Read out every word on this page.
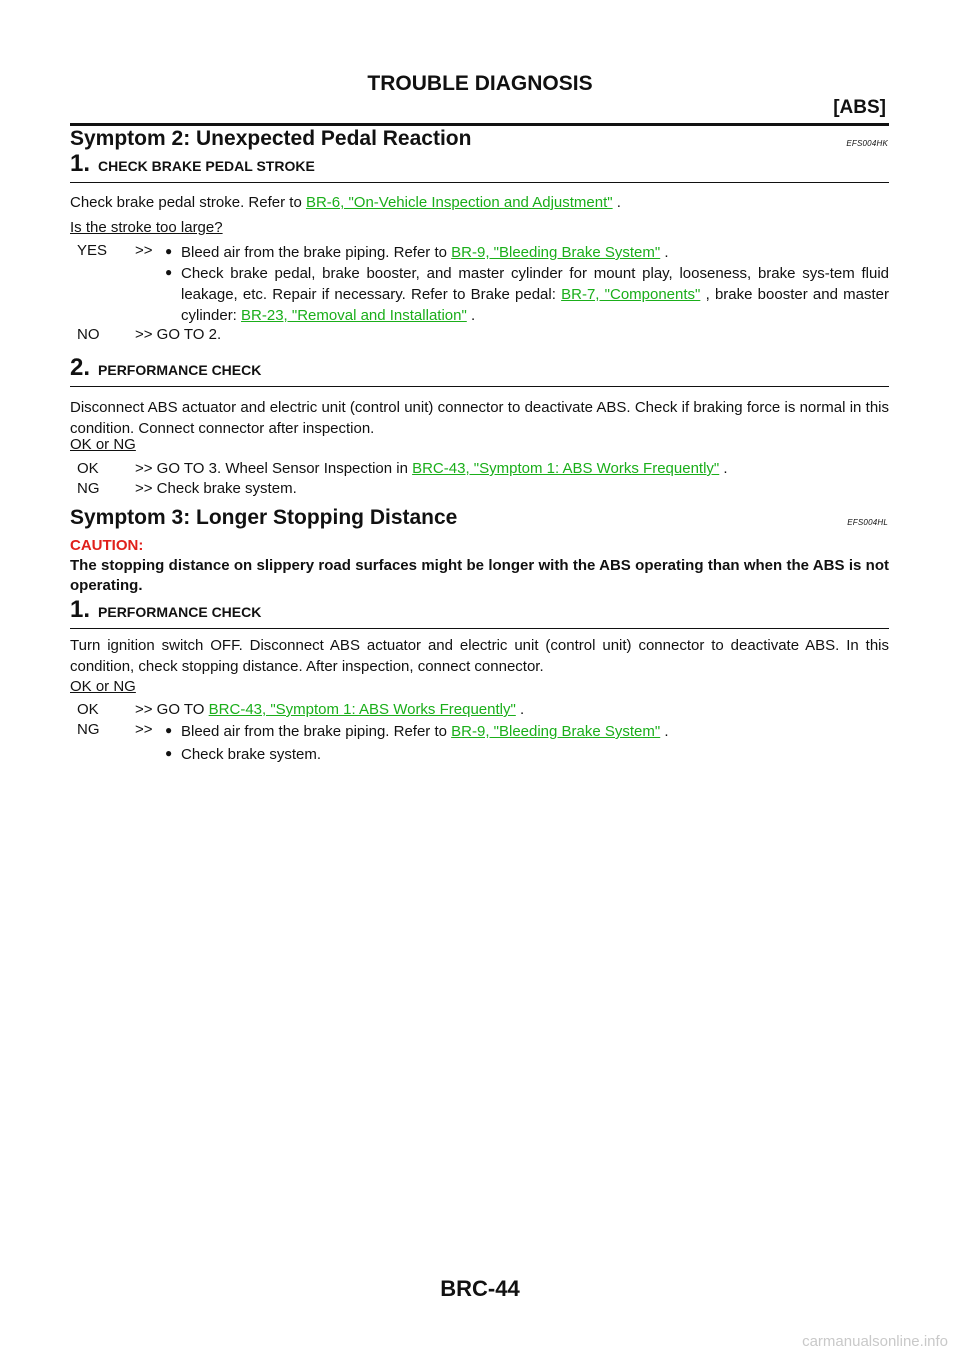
TROUBLE DIAGNOSIS
[ABS]
Symptom 2: Unexpected Pedal Reaction	EFS004HK
1. CHECK BRAKE PEDAL STROKE
Check brake pedal stroke. Refer to BR-6, "On-Vehicle Inspection and Adjustment" .
Is the stroke too large?
YES >> ● Bleed air from the brake piping. Refer to BR-9, "Bleeding Brake System" .
● Check brake pedal, brake booster, and master cylinder for mount play, looseness, brake sys-tem fluid leakage, etc. Repair if necessary. Refer to Brake pedal: BR-7, "Components" , brake booster and master cylinder: BR-23, "Removal and Installation" .
NO >> GO TO 2.
2. PERFORMANCE CHECK
Disconnect ABS actuator and electric unit (control unit) connector to deactivate ABS. Check if braking force is normal in this condition. Connect connector after inspection.
OK or NG
OK >> GO TO 3. Wheel Sensor Inspection in BRC-43, "Symptom 1: ABS Works Frequently" .
NG >> Check brake system.
Symptom 3: Longer Stopping Distance	EFS004HL
CAUTION:
The stopping distance on slippery road surfaces might be longer with the ABS operating than when the ABS is not operating.
1. PERFORMANCE CHECK
Turn ignition switch OFF. Disconnect ABS actuator and electric unit (control unit) connector to deactivate ABS. In this condition, check stopping distance. After inspection, connect connector.
OK or NG
OK >> GO TO BRC-43, "Symptom 1: ABS Works Frequently" .
NG >> ● Bleed air from the brake piping. Refer to BR-9, "Bleeding Brake System" .
● Check brake system.
BRC-44
carmanualsonline.info
